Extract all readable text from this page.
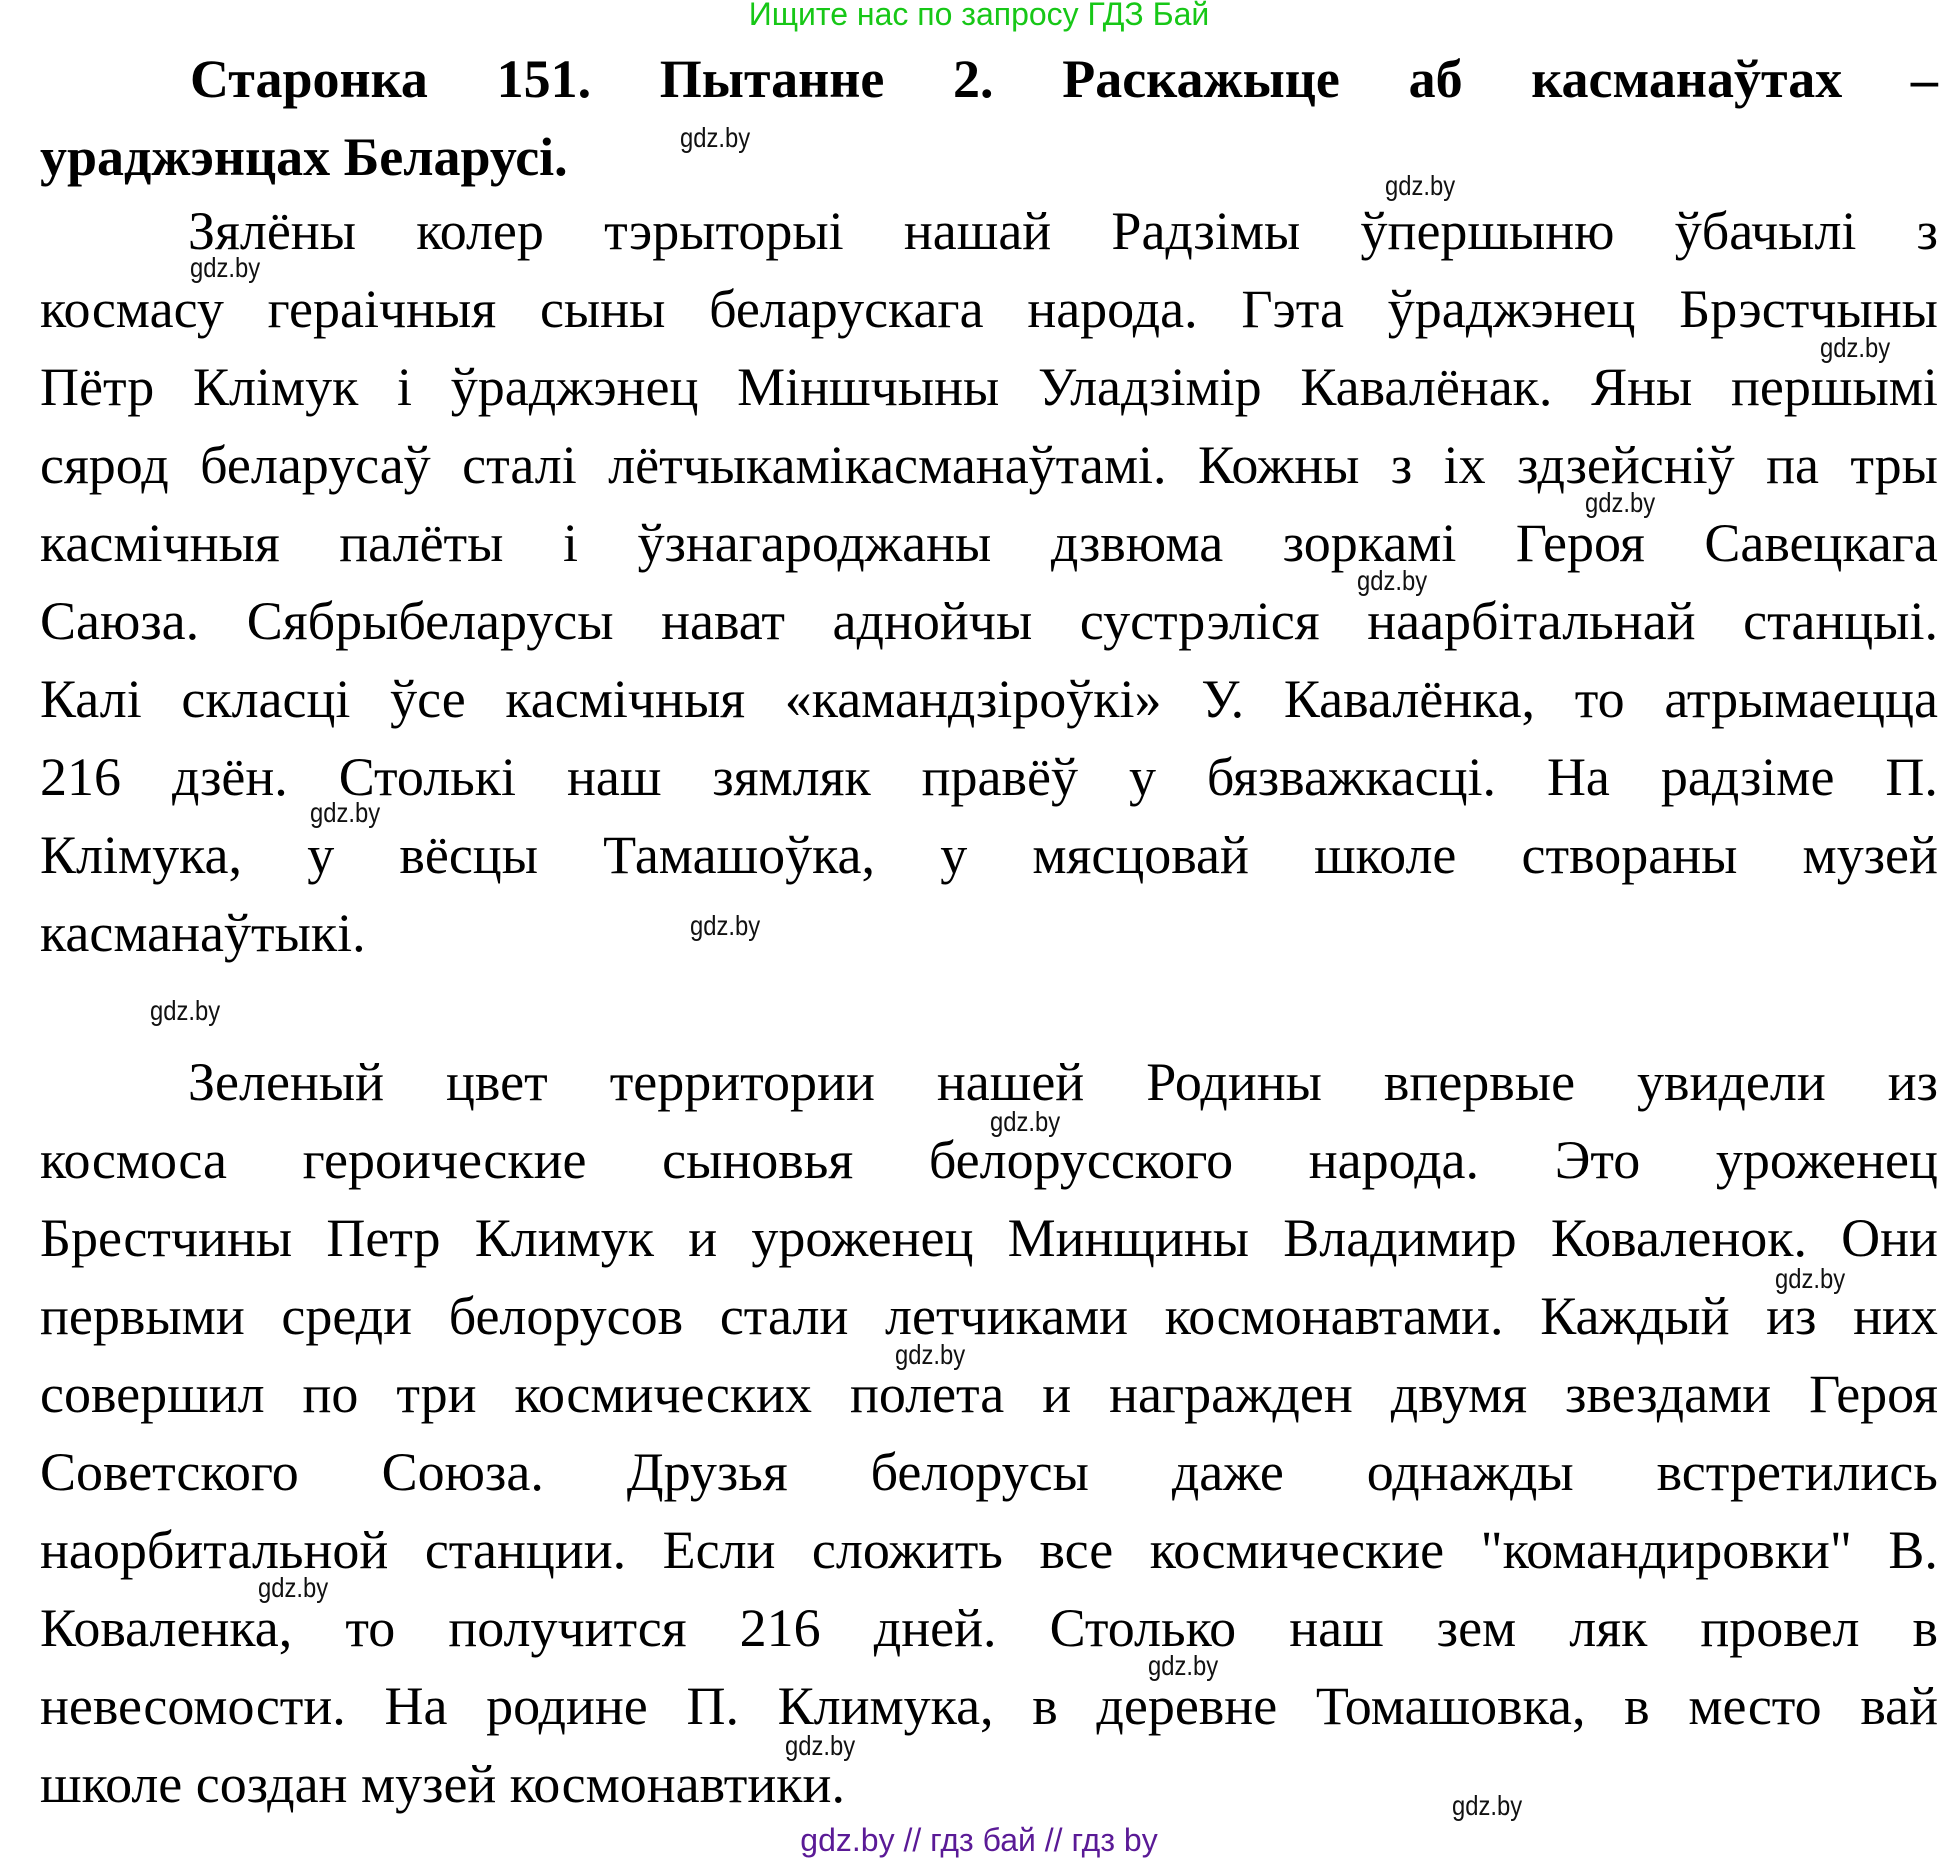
Ищите нас по запросу ГДЗ Бай
Старонка 151. Пытанне 2. Раскажыце аб касманаўтах –
ураджэнцах Беларусі.
Зялёны колер тэрыторыі нашай Радзімы ўпершыню ўбачылі з
космасу гераічныя сыны беларускага народа. Гэта ўраджэнец Брэстчыны
Пётр Клімук і ўраджэнец Міншчыны Уладзімір Кавалёнак. Яны першымі
сярод беларусаў сталі лётчыкамікасманаўтамі. Кожны з іх здзейсніў па тры
касмічныя палёты і ўзнагароджаны дзвюма зоркамі Героя Савецкага
Саюза. Сябрыбеларусы нават аднойчы сустрэліся наарбітальнай станцыі.
Калі скласці ўсе касмічныя «камандзіроўкі» У. Кавалёнка, то атрымаецца
216 дзён. Столькі наш зямляк правёў у бязважкасці. На радзіме П.
Клімука, у вёсцы Тамашоўка, у мясцовай школе створаны музей
касманаўтыкі.
Зеленый цвет территории нашей Родины впервые увидели из
космоса героические сыновья белорусского народа. Это уроженец
Брестчины Петр Климук и уроженец Минщины Владимир Коваленок. Они
первыми среди белорусов стали летчиками космонавтами. Каждый из них
совершил по три космических полета и награжден двумя звездами Героя
Советского Союза. Друзья белорусы даже однажды встретились
наорбитальной станции. Если сложить все космические "командировки" В.
Коваленка, то получится 216 дней. Столько наш зем ляк провел в
невесомости. На родине П. Климука, в деревне Томашовка, в место вай
школе создан музей космонавтики.
gdz.by
gdz.by
gdz.by
gdz.by
gdz.by
gdz.by
gdz.by
gdz.by
gdz.by
gdz.by
gdz.by
gdz.by
gdz.by
gdz.by
gdz.by
gdz.by
gdz.by // гдз бай // гдз by
